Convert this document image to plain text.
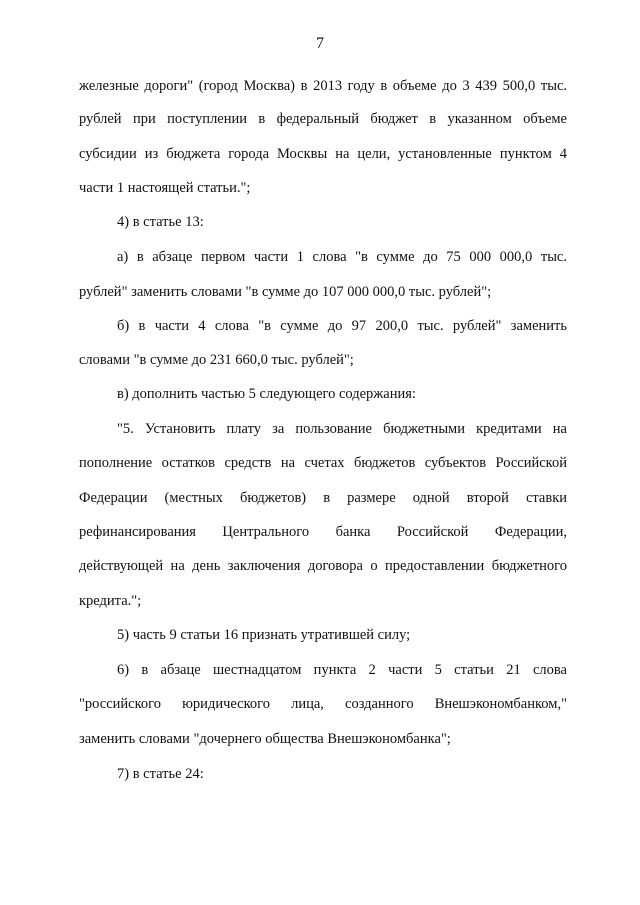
7
железные дороги" (город Москва) в 2013 году в объеме до 3 439 500,0 тыс.
рублей при поступлении в федеральный бюджет в указанном объеме
субсидии из бюджета города Москвы на цели, установленные пунктом 4
части 1 настоящей статьи.";
4) в статье 13:
а) в абзаце первом части 1 слова "в сумме до 75 000 000,0 тыс.
рублей" заменить словами "в сумме до 107 000 000,0 тыс. рублей";
б) в части 4 слова "в сумме до 97 200,0 тыс. рублей" заменить
словами "в сумме до 231 660,0 тыс. рублей";
в) дополнить частью 5 следующего содержания:
"5. Установить плату за пользование бюджетными кредитами на
пополнение остатков средств на счетах бюджетов субъектов Российской
Федерации (местных бюджетов) в размере одной второй ставки
рефинансирования Центрального банка Российской Федерации,
действующей на день заключения договора о предоставлении бюджетного
кредита.";
5) часть 9 статьи 16 признать утратившей силу;
6) в абзаце шестнадцатом пункта 2 части 5 статьи 21 слова
"российского юридического лица, созданного Внешэкономбанком,"
заменить словами "дочернего общества Внешэкономбанка";
7) в статье 24:
